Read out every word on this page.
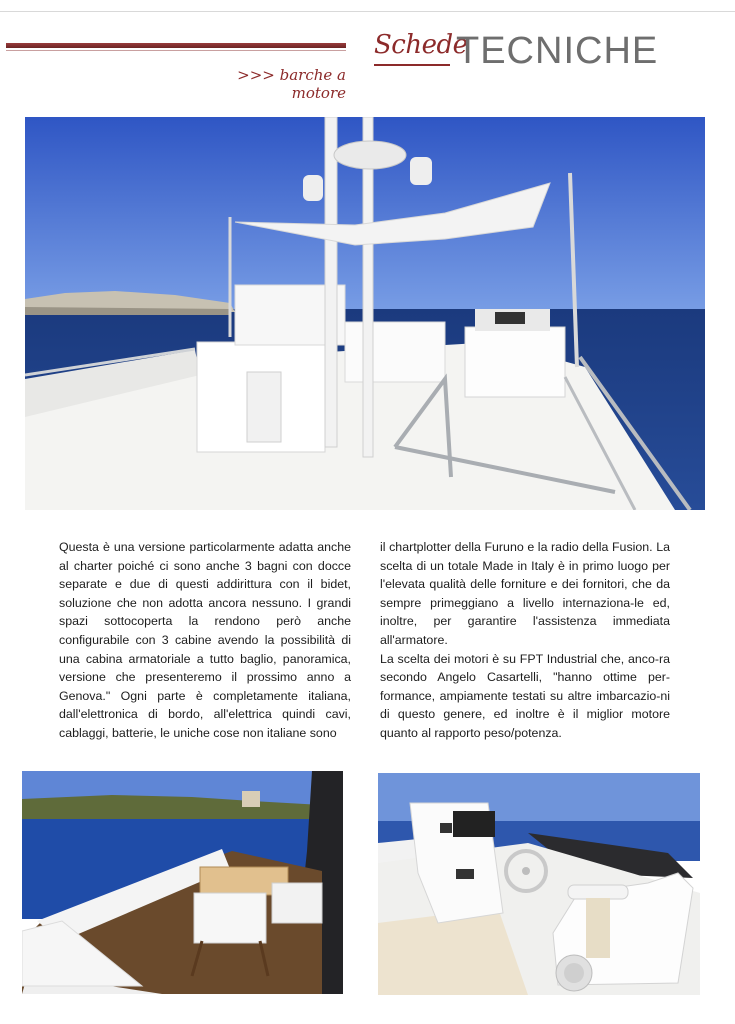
Schede
TECNICHE
>>> barche a motore

Questa è una versione particolarmente adatta anche al charter poiché ci sono anche 3 bagni con docce separate e due di questi addirittura con il bidet, soluzione che non adotta ancora nessuno. I grandi spazi sottocoperta la rendono però anche configurabile con 3 cabine avendo la possibilità di una cabina armatoriale a tutto baglio, panoramica, versione che presenteremo il prossimo anno a Genova." Ogni parte è completamente italiana, dall'elettronica di bordo, all'elettrica quindi cavi, cablaggi, batterie, le uniche cose non italiane sono

il chartplotter della Furuno e la radio della Fusion. La scelta di un totale Made in Italy è in primo luogo per l'elevata qualità delle forniture e dei fornitori, che da sempre primeggiano a livello internaziona-le ed, inoltre, per garantire l'assistenza immediata all'armatore.

La scelta dei motori è su FPT Industrial che, anco-ra secondo Angelo Casartelli, "hanno ottime per-formance, ampiamente testati su altre imbarcazio-ni di questo genere, ed inoltre è il miglior motore quanto al rapporto peso/potenza.
